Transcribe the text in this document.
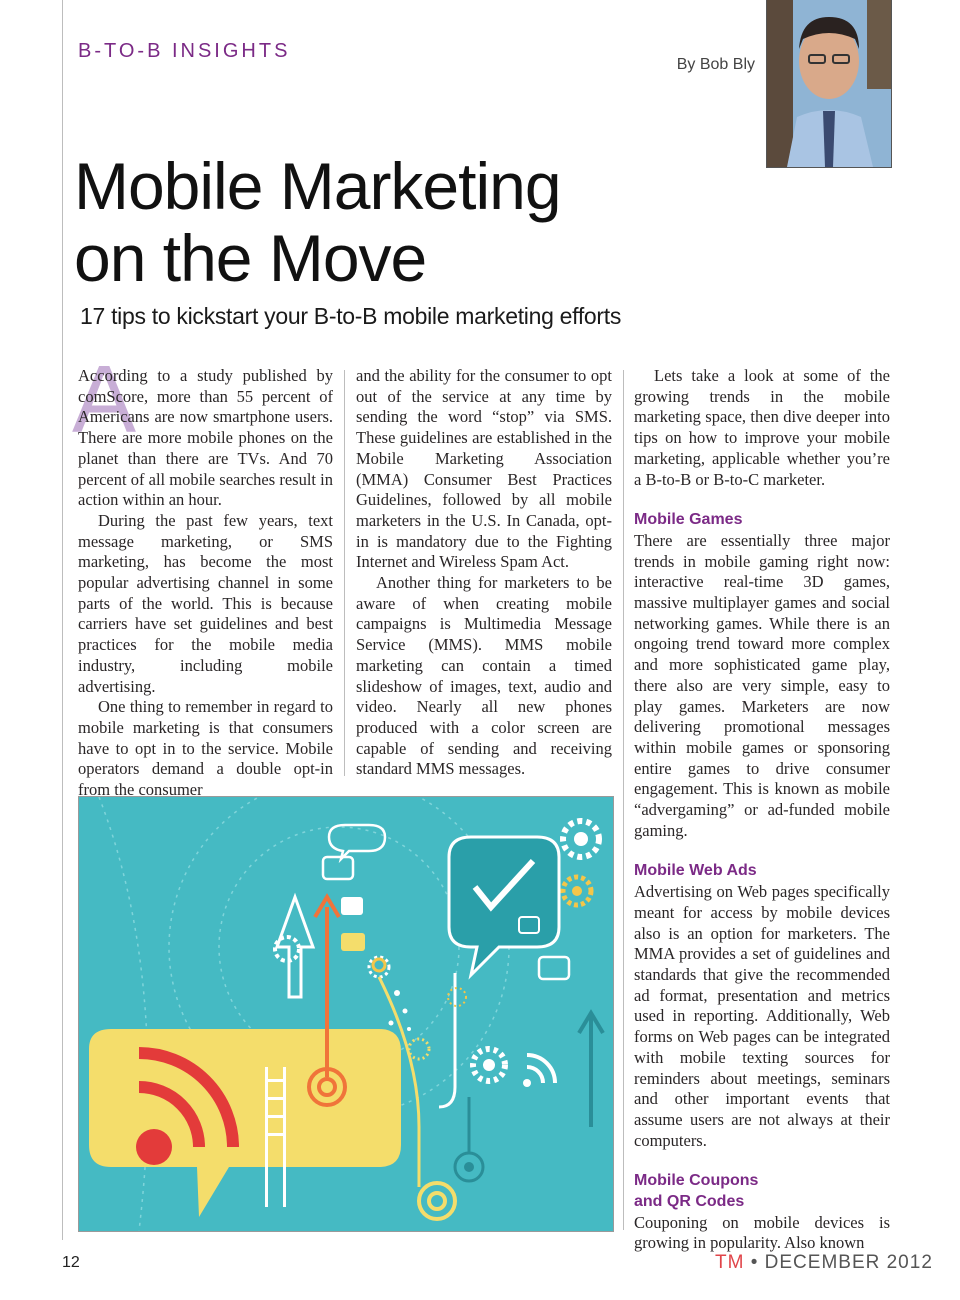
B-TO-B INSIGHTS
By Bob Bly
Mobile Marketing
on the Move
17 tips to kickstart your B-to-B mobile marketing efforts
A

According to a study published by comScore, more than 55 percent of Americans are now smartphone users. There are more mobile phones on the planet than there are TVs. And 70 percent of all mobile searches result in action within an hour.

During the past few years, text message marketing, or SMS marketing, has become the most popular advertising channel in some parts of the world. This is because carriers have set guidelines and best practices for the mobile media industry, including mobile advertising.

One thing to remember in regard to mobile marketing is that consumers have to opt in to the service. Mobile operators demand a double opt-in from the consumer

and the ability for the consumer to opt out of the service at any time by sending the word “stop” via SMS. These guidelines are established in the Mobile Marketing Association (MMA) Consumer Best Practices Guidelines, followed by all mobile marketers in the U.S. In Canada, opt-in is mandatory due to the Fighting Internet and Wireless Spam Act.

Another thing for marketers to be aware of when creating mobile campaigns is Multimedia Message Service (MMS). MMS mobile marketing can contain a timed slideshow of images, text, audio and video. Nearly all new phones produced with a color screen are capable of sending and receiving standard MMS messages.

Lets take a look at some of the growing trends in the mobile marketing space, then dive deeper into tips on how to improve your mobile marketing, applicable whether you’re a B-to-B or B-to-C marketer.

Mobile Games

There are essentially three major trends in mobile gaming right now: interactive real-time 3D games, massive multiplayer games and social networking games. While there is an ongoing trend toward more complex and more sophisticated game play, there also are very simple, easy to play games. Marketers are now delivering promotional messages within mobile games or sponsoring entire games to drive consumer engagement. This is known as mobile “advergaming” or ad-funded mobile gaming.

Mobile Web Ads

Advertising on Web pages specifically meant for access by mobile devices also is an option for marketers. The MMA provides a set of guidelines and standards that give the recommended ad format, presentation and metrics used in reporting. Additionally, Web forms on Web pages can be integrated with mobile texting sources for reminders about meetings, seminars and other important events that assume users are not always at their computers.

Mobile Coupons
and QR Codes

Couponing on mobile devices is growing in popularity. Also known

12	TM • DECEMBER 2012
